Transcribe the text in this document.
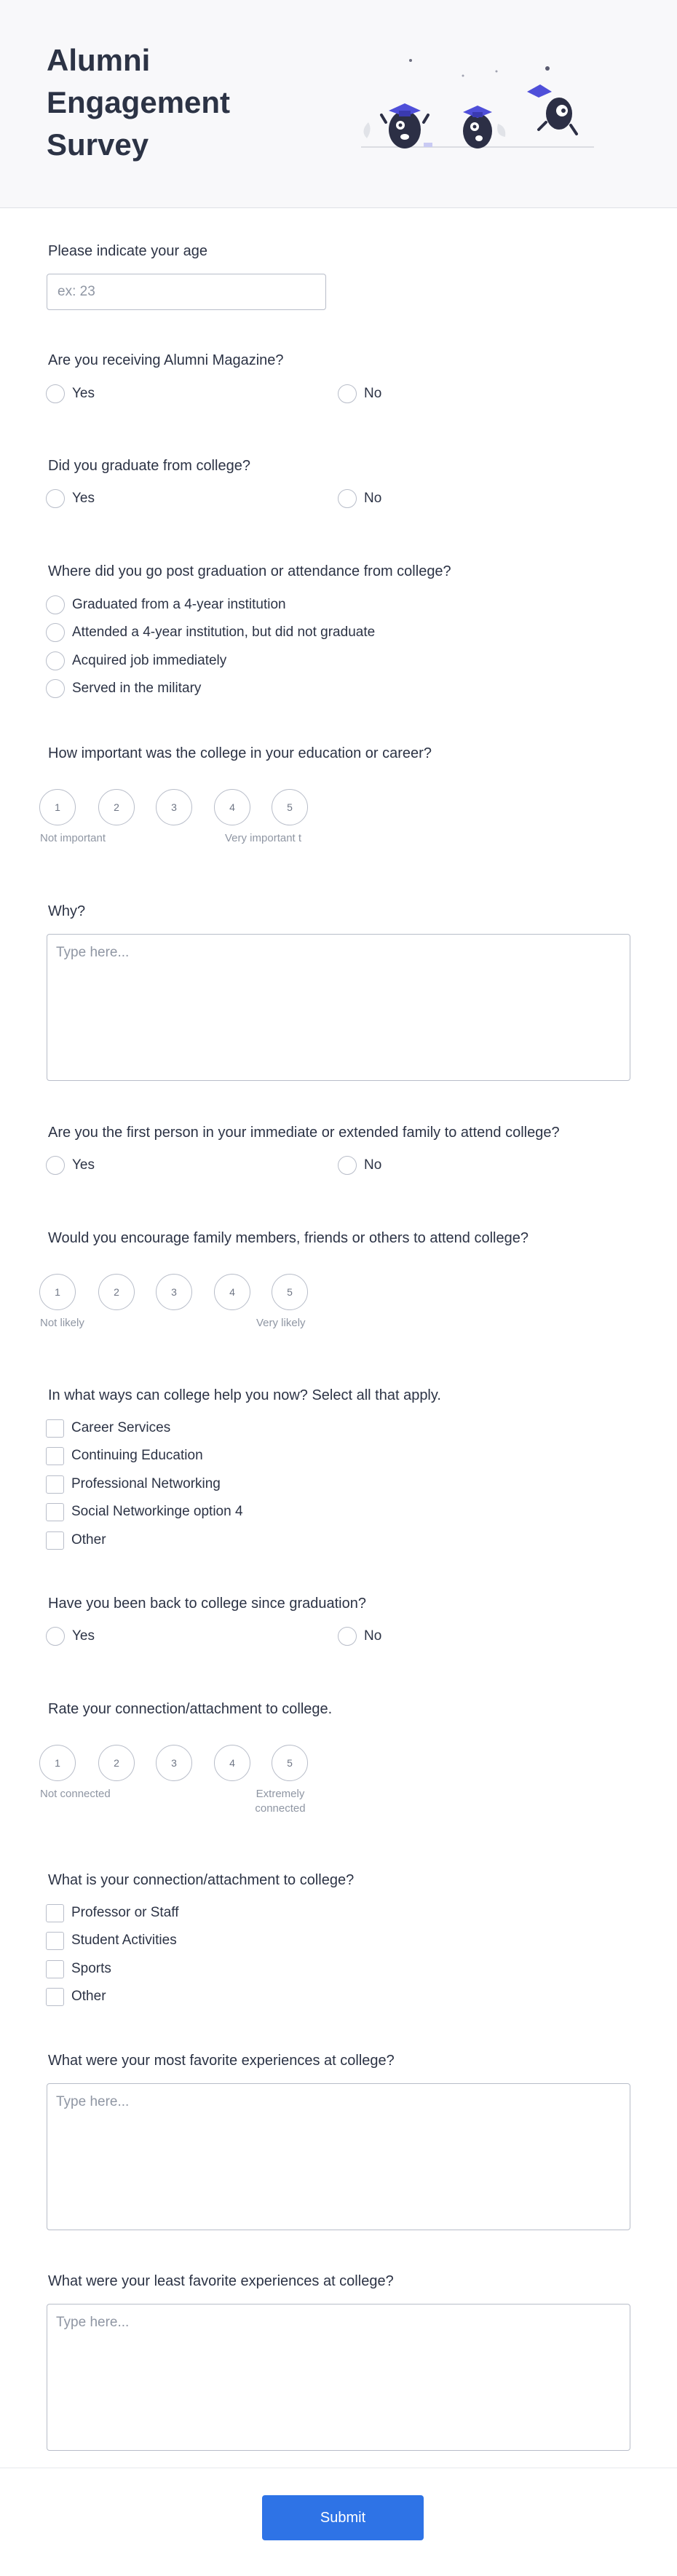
Alumni Engagement Survey
Please indicate your age
ex: 23
Are you receiving Alumni Magazine?
Yes	No
Did you graduate from college?
Yes	No
Where did you go post graduation or attendance from college?
Graduated from a 4-year institution
Attended a 4-year institution, but did not graduate
Acquired job immediately
Served in the military
How important was the college in your education or career?
1	2	3	4	5
Not important	Very important t
Why?
Type here...
Are you the first person in your immediate or extended family to attend college?
Yes	No
Would you encourage family members, friends or others to attend college?
1	2	3	4	5
Not likely	Very likely
In what ways can college help you now? Select all that apply.
Career Services
Continuing Education
Professional Networking
Social Networkinge option 4
Other
Have you been back to college since graduation?
Yes	No
Rate your connection/attachment to college.
1	2	3	4	5
Not connected	Extremely connected
What is your connection/attachment to college?
Professor or Staff
Student Activities
Sports
Other
What were your most favorite experiences at college?
Type here...
What were your least favorite experiences at college?
Type here...
Submit
